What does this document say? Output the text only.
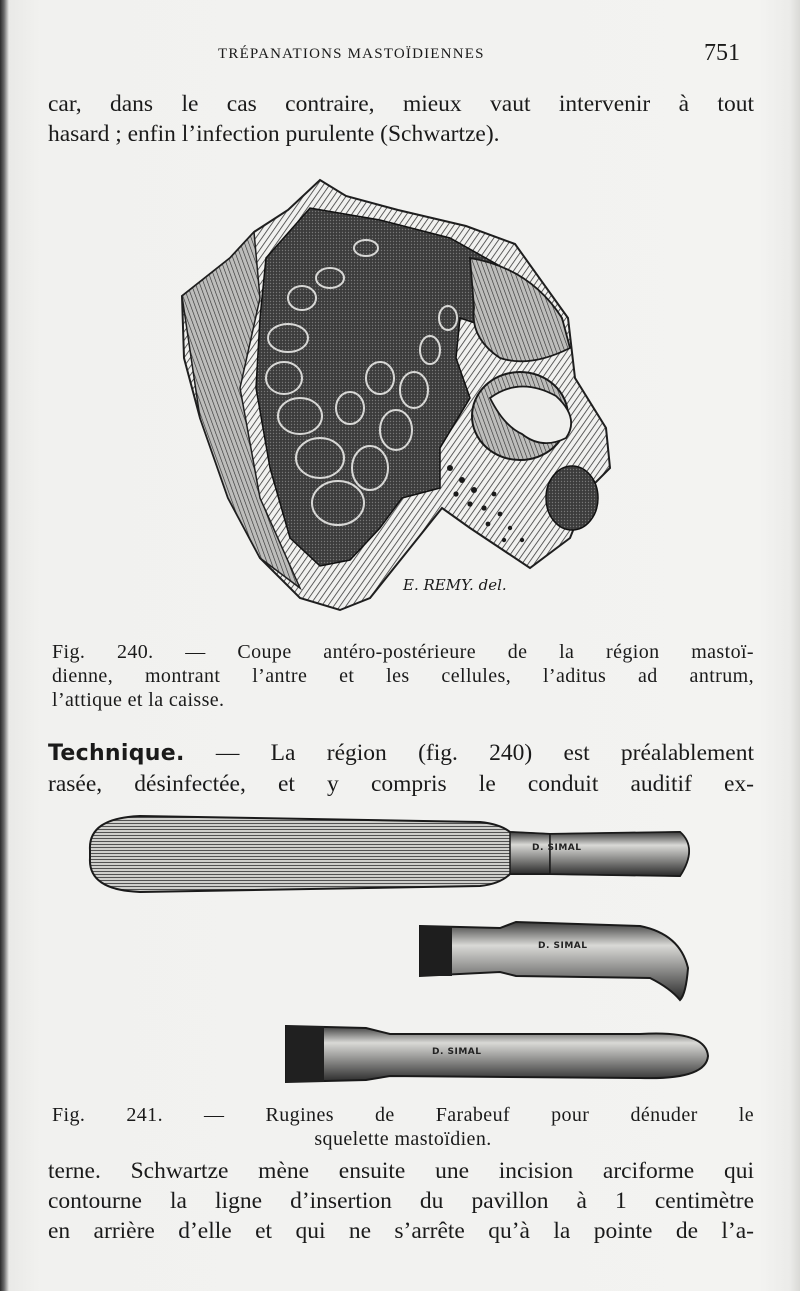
TRÉPANATIONS MASTOÏDIENNES	751
car, dans le cas contraire, mieux vaut intervenir à tout
hasard ; enfin l’infection purulente (Schwartze).
E. REMY. del.
Fig. 240. — Coupe antéro-postérieure de la région mastoï-
dienne, montrant l’antre et les cellules, l’aditus ad antrum,
l’attique et la caisse.
Technique. — La région (fig. 240) est préalablement
rasée, désinfectée, et y compris le conduit auditif ex-
D. SIMAL
D. SIMAL
D. SIMAL
Fig. 241. — Rugines de Farabeuf pour dénuder le
squelette mastoïdien.
terne. Schwartze mène ensuite une incision arciforme qui
contourne la ligne d’insertion du pavillon à 1 centimètre
en arrière d’elle et qui ne s’arrête qu’à la pointe de l’a-
